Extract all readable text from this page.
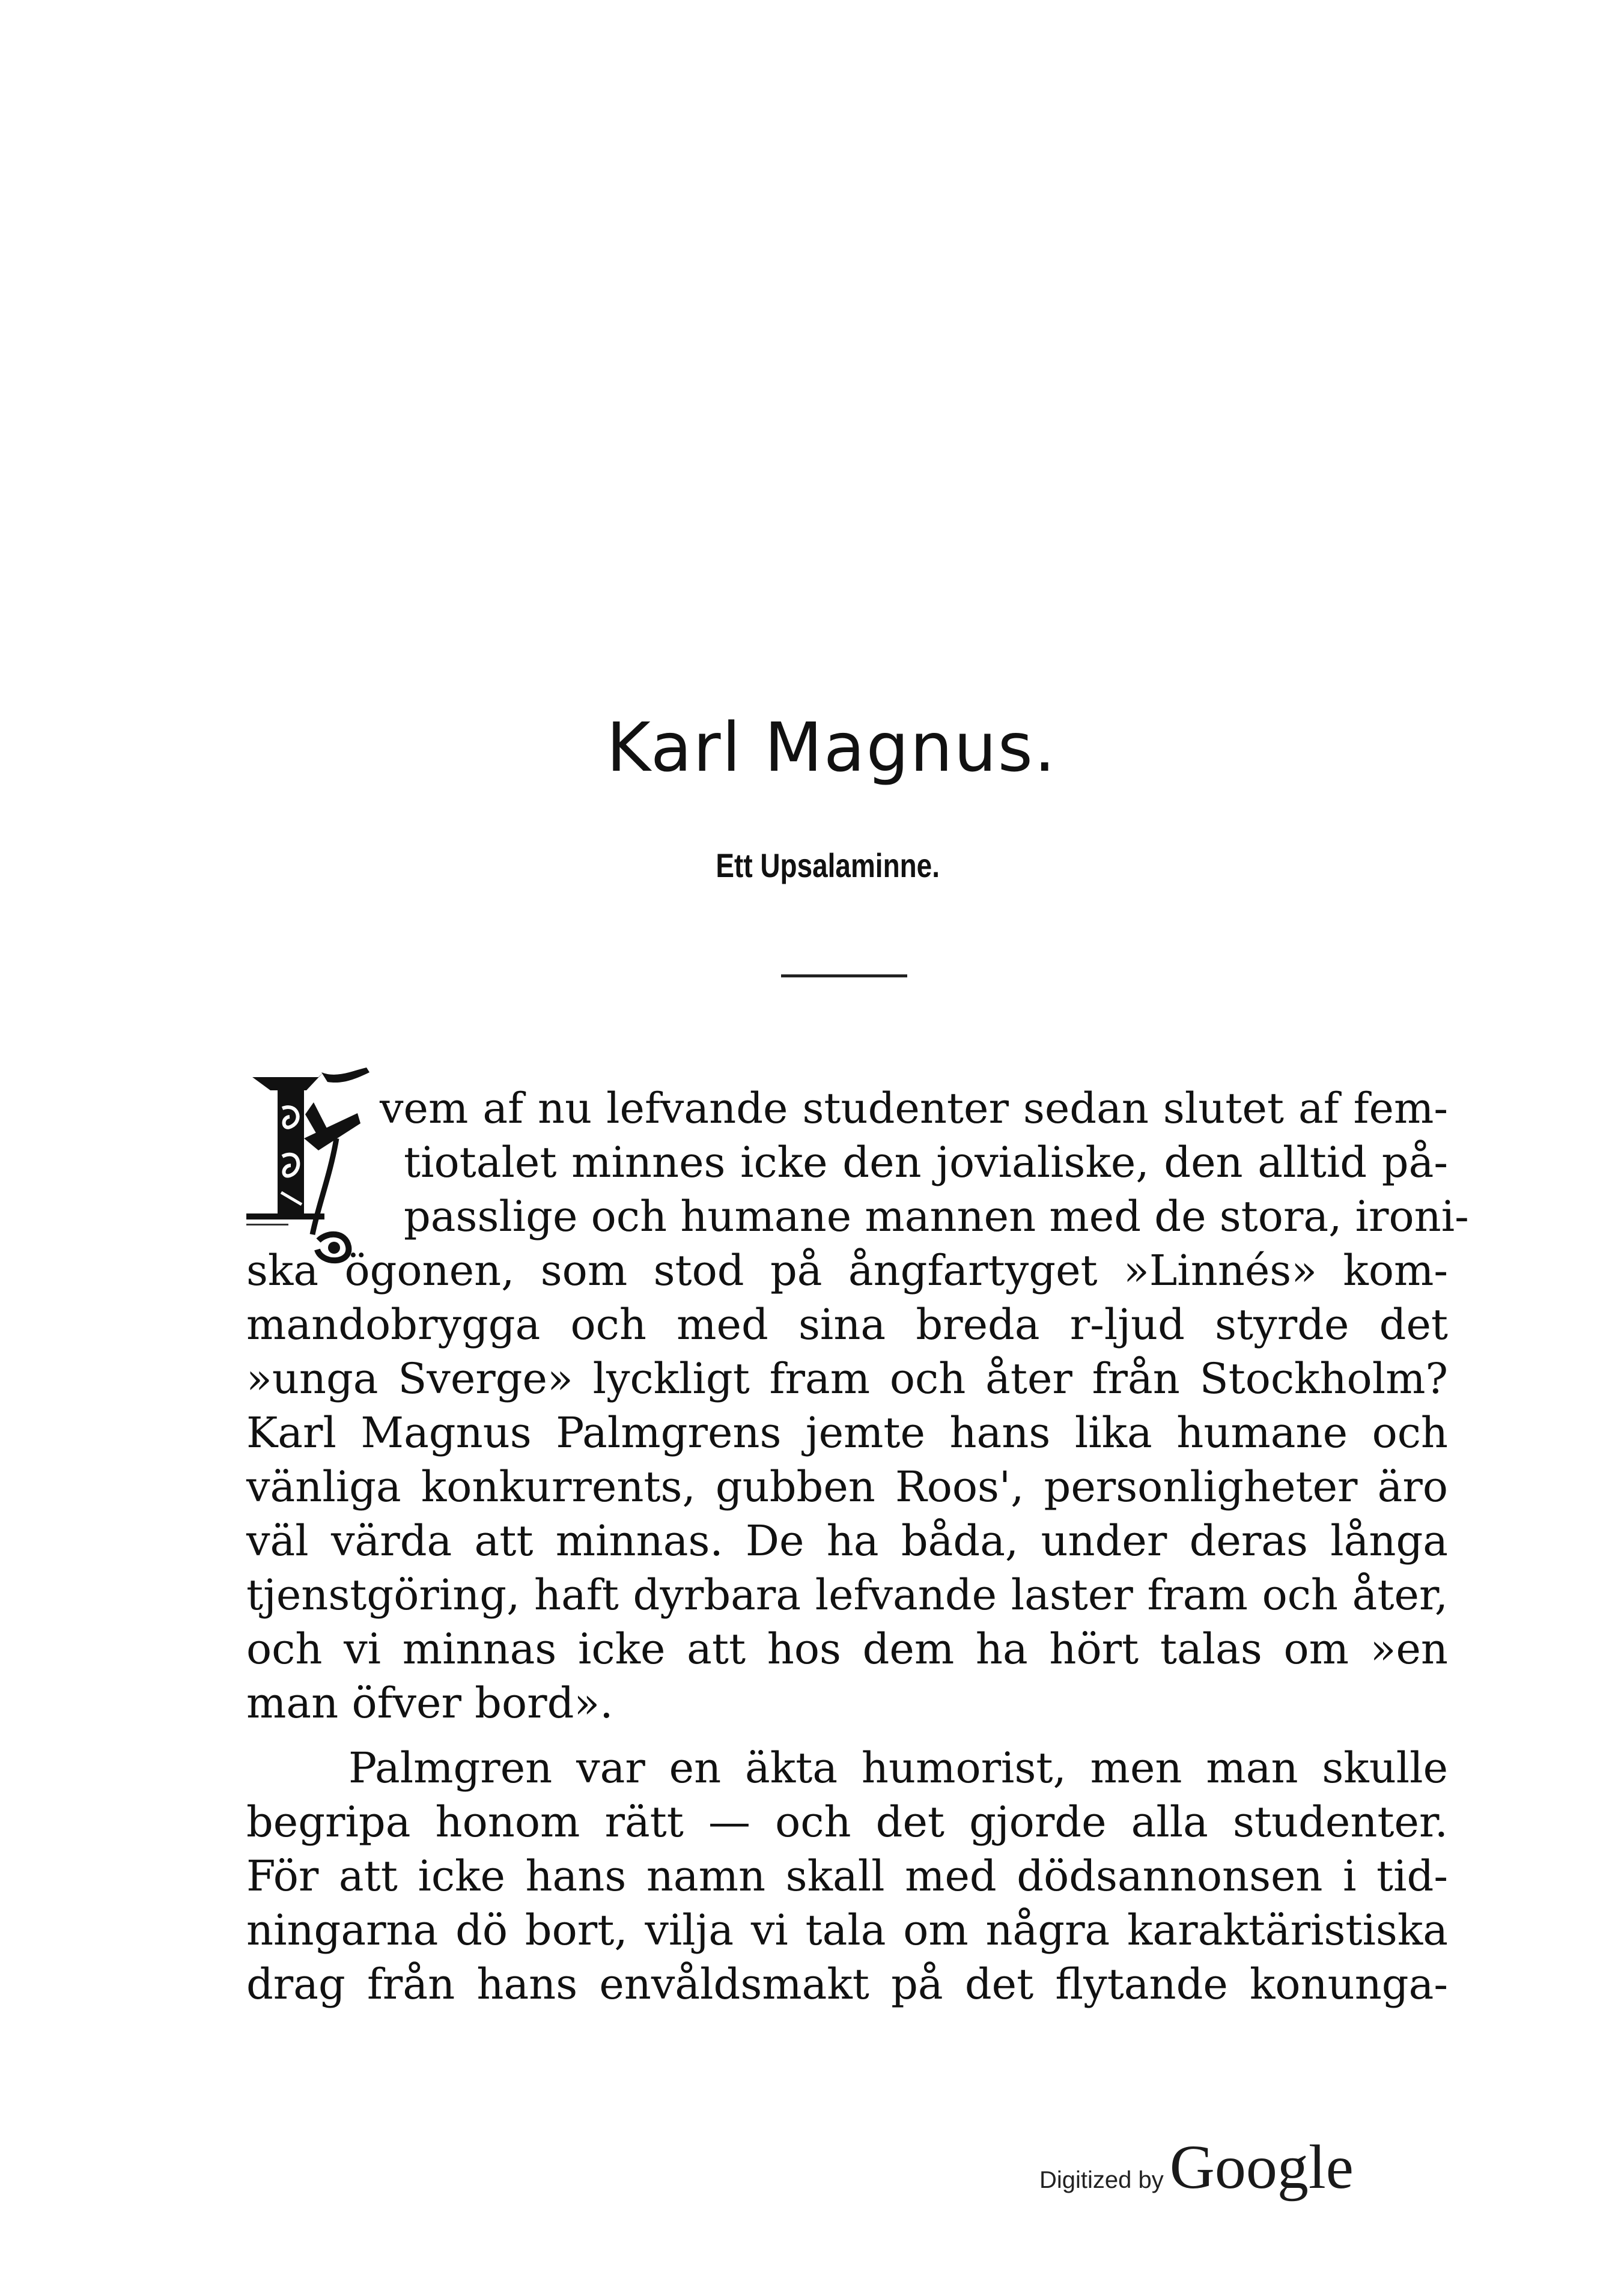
Karl Magnus.
Ett Upsalaminne.
vem af nu lefvande studenter sedan slutet af fem-
tiotalet minnes icke den jovialiske, den alltid på-
passlige och humane mannen med de stora, ironi-
ska ögonen, som stod på ångfartyget »Linnés» kom-
mandobrygga och med sina breda r-ljud styrde det
»unga Sverge» lyckligt fram och åter från Stockholm?
Karl Magnus Palmgrens jemte hans lika humane och
vänliga konkurrents, gubben Roos', personligheter äro
väl värda att minnas. De ha båda, under deras långa
tjenstgöring, haft dyrbara lefvande laster fram och åter,
och vi minnas icke att hos dem ha hört talas om »en
man öfver bord».
Palmgren var en äkta humorist, men man skulle
begripa honom rätt — och det gjorde alla studenter.
För att icke hans namn skall med dödsannonsen i tid-
ningarna dö bort, vilja vi tala om några karaktäristiska
drag från hans envåldsmakt på det flytande konunga-
Digitized by Google
